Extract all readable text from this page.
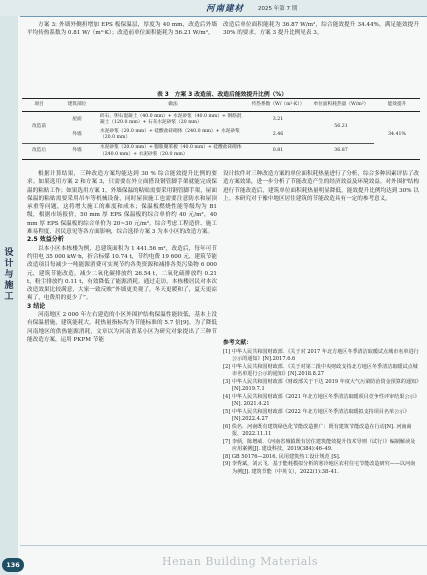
河南建材	2025 年第 7 期
设
计
与
施
工

方案 3: 外墙外侧担增加 EPS 板保温层，厚度为 40 mm，改造后外墙平均传热系数为 0.81 W/（m²·K）；改造前单位面积能耗为 56.21 W/m²，

改造后单位面积能耗为 36.87 W/m²，综合能效提升 34.44%，满足能效提升 30% 的要求。方案 3 提升比例见表 3。

表 3　方案 3 改造前、改造后能效提升比例（%）
项目	建筑部位	做法	传热系数（W/（m²·K））	单位面积耗热量（W/m²）	能效提升
改造前	屋面	碎石、卵石混凝土（40.0 mm）+ 水泥砂浆（40.0 mm）+ 钢筋混凝土（120.0 mm）+ 石灰水泥砂浆（20 mm）	3.21	56.21	34.41%
	外墙	水泥砂浆（20.0 mm）+ 硅酸盐砖砌体（240.0 mm）+ 水泥砂浆（20.0 mm）	2.46		
改造后	外墙	水泥砂浆（20.0 mm）+ 膨胀聚苯板（40.0 mm）+ 硅酸盐砖砌体（240.0 mm）+ 水泥砂浆（20.0 mm）	0.81	36.87	

根据计算结果，三种改造方案均能达到 30 % 综合能效提升比例的要求。如果选用方案 2 和方案 3，只需要在外立面搭设钢管脚手架就能完成保温的粘贴工作；如果选用方案 1，外墙保温的粘贴需要采用钢管脚手架，屋面保温的粘贴需要采用吊车等机械设备，同时屋顶施工也需要注意防水和屋顶承重等问题，这将增大施工的难度和成本；保温板燃烧性能等级均为 B1 级，根据市场报价，50 mm 厚 EPS 保温板的综合单价约 40 元/m²，40 mm 厚 EPS 保温板的综合单价为 20~30 元/m²。综合考虑工程造价、施工难易程度，居民意见等各方面影响，综合选择方案 3 为本小区的改造方案。

2.5 效益分析

以本小区本栋楼为例，总建筑面积为 1 441.56 m²，改造后，每年可节约用电 35 000 kW·h，折合标煤 10.74 t，节约电费 19 600 元，建筑节能改造项目每减少一吨能源消费可实现节约各类资源和减排各类污染物 6 000 元，建筑节能改造。减少二氧化碳排放约 26.54 t，二氧化硫排放约 0.21 t，粉尘排放约 0.11 t，有效降低了能源消耗。通过走访，本栋楼居民对本次改造效果比较满意，大家一致反映“外墙更美观了，冬天更暖和了，夏天更凉爽了，电费用的更少了”。

3 结论

河南地区 2 000 年左右建造的小区外围护结构保温性能较低，基本上没有保温措施，建筑能耗大，耗热量指标均为节能标准的 5.7 倍[9]。为了降低河南地区的供热能源消耗，文章以为河南省某小区为研究对象提出了三种节能改造方案，运用 PKPM 节能

设计软件对三种改造方案的单位面积耗热量进行了分析，综合多种因素评估了改造方案效果，进一步分析了节能改造产生的经济效益及环境效益。对外围护结构进行节能改造后，建筑单位面积耗热量明显降低，能效提升比例均达到 30% 以上。本研究对于豫中地区居住建筑的节能改造具有一定的参考意义。

参考文献：
[1] 中华人民共和国财政部．《关于对 2017 年北方地区冬季清洁取暖试点城市名单进行公示的通知》[N].2017.6.6
[2] 中华人民共和国财政部．《关于对第二批中央财政支持北方地区冬季清洁取暖试点城市名单进行公示的通知》[N].2018.8.27
[3] 中华人民共和国财政部《财政部关于下达 2019 年度大气污染防治资金预算的通知》[N].2019.7.1
[4] 中华人民共和国财政部《2021 年北方地区冬季清洁取暖项目竞争性评审结果公示》[N]. 2021.4.21
[5] 中华人民共和国财政部《2022 年北方地区冬季清洁取暖拟支持项目名单公示》[N].2022.4.27
[6] 佚名．河南既有建筑绿色化节能改造推广：既有建筑节能改造在行动[N]. 河南商报，2022.11.11
[7] 李炳，陈增威．《河南省城镇既有居住建筑能效提升技术导则（试行）》编制解读及应用案例[J]. 建设科技，2019(384):46–49.
[8] GB 50176—2016, 民用建筑热工设计规范 [S].
[9] 李秀斌，刘云飞．基于能耗模拟分析的寒冷地区农村住宅节能改造研究——以河南为例[J]. 建筑节能（中英文），2022(1):38–41.
136	Henan Building Materials
